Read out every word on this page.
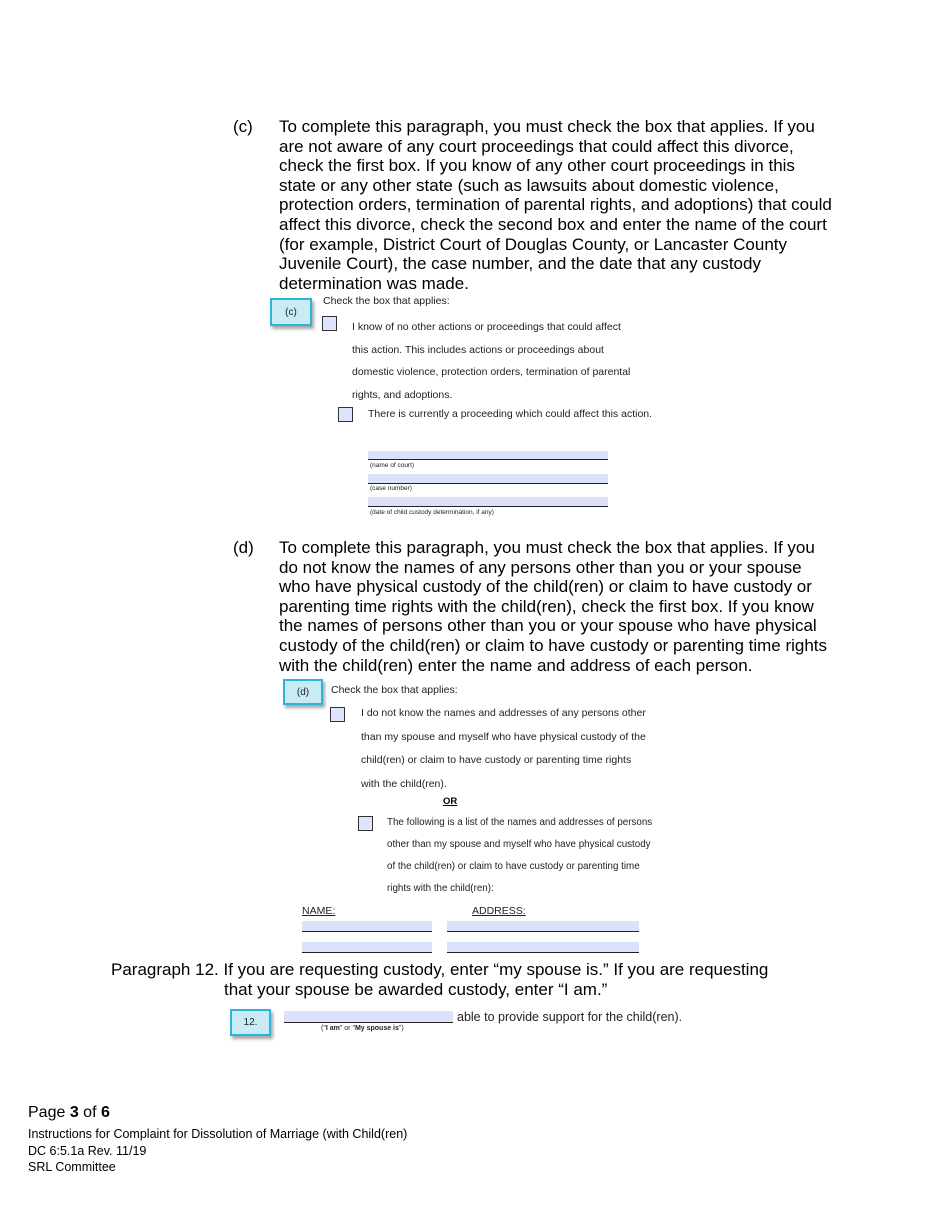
(c) To complete this paragraph, you must check the box that applies. If you
are not aware of any court proceedings that could affect this divorce,
check the first box. If you know of any other court proceedings in this
state or any other state (such as lawsuits about domestic violence,
protection orders, termination of parental rights, and adoptions) that could
affect this divorce, check the second box and enter the name of the court
(for example, District Court of Douglas County, or Lancaster County
Juvenile Court), the case number, and the date that any custody
determination was made.
(c)
Check the box that applies:
I know of no other actions or proceedings that could affect
this action. This includes actions or proceedings about
domestic violence, protection orders, termination of parental
rights, and adoptions.
There is currently a proceeding which could affect this action.
(name of court)
(case number)
(date of child custody determination, if any)
(d) To complete this paragraph, you must check the box that applies. If you
do not know the names of any persons other than you or your spouse
who have physical custody of the child(ren) or claim to have custody or
parenting time rights with the child(ren), check the first box. If you know
the names of persons other than you or your spouse who have physical
custody of the child(ren) or claim to have custody or parenting time rights
with the child(ren) enter the name and address of each person.
(d)	Check the box that applies:
I do not know the names and addresses of any persons other
than my spouse and myself who have physical custody of the
child(ren) or claim to have custody or parenting time rights
with the child(ren).
OR
The following is a list of the names and addresses of persons
other than my spouse and myself who have physical custody
of the child(ren) or claim to have custody or parenting time
rights with the child(ren):
NAME:	ADDRESS:
Paragraph 12. If you are requesting custody, enter “my spouse is.” If you are requesting
that your spouse be awarded custody, enter “I am.”
12.	able to provide support for the child(ren).
("I am" or "My spouse is")
Page 3 of 6
Instructions for Complaint for Dissolution of Marriage (with Child(ren)
DC 6:5.1a Rev. 11/19
SRL Committee
